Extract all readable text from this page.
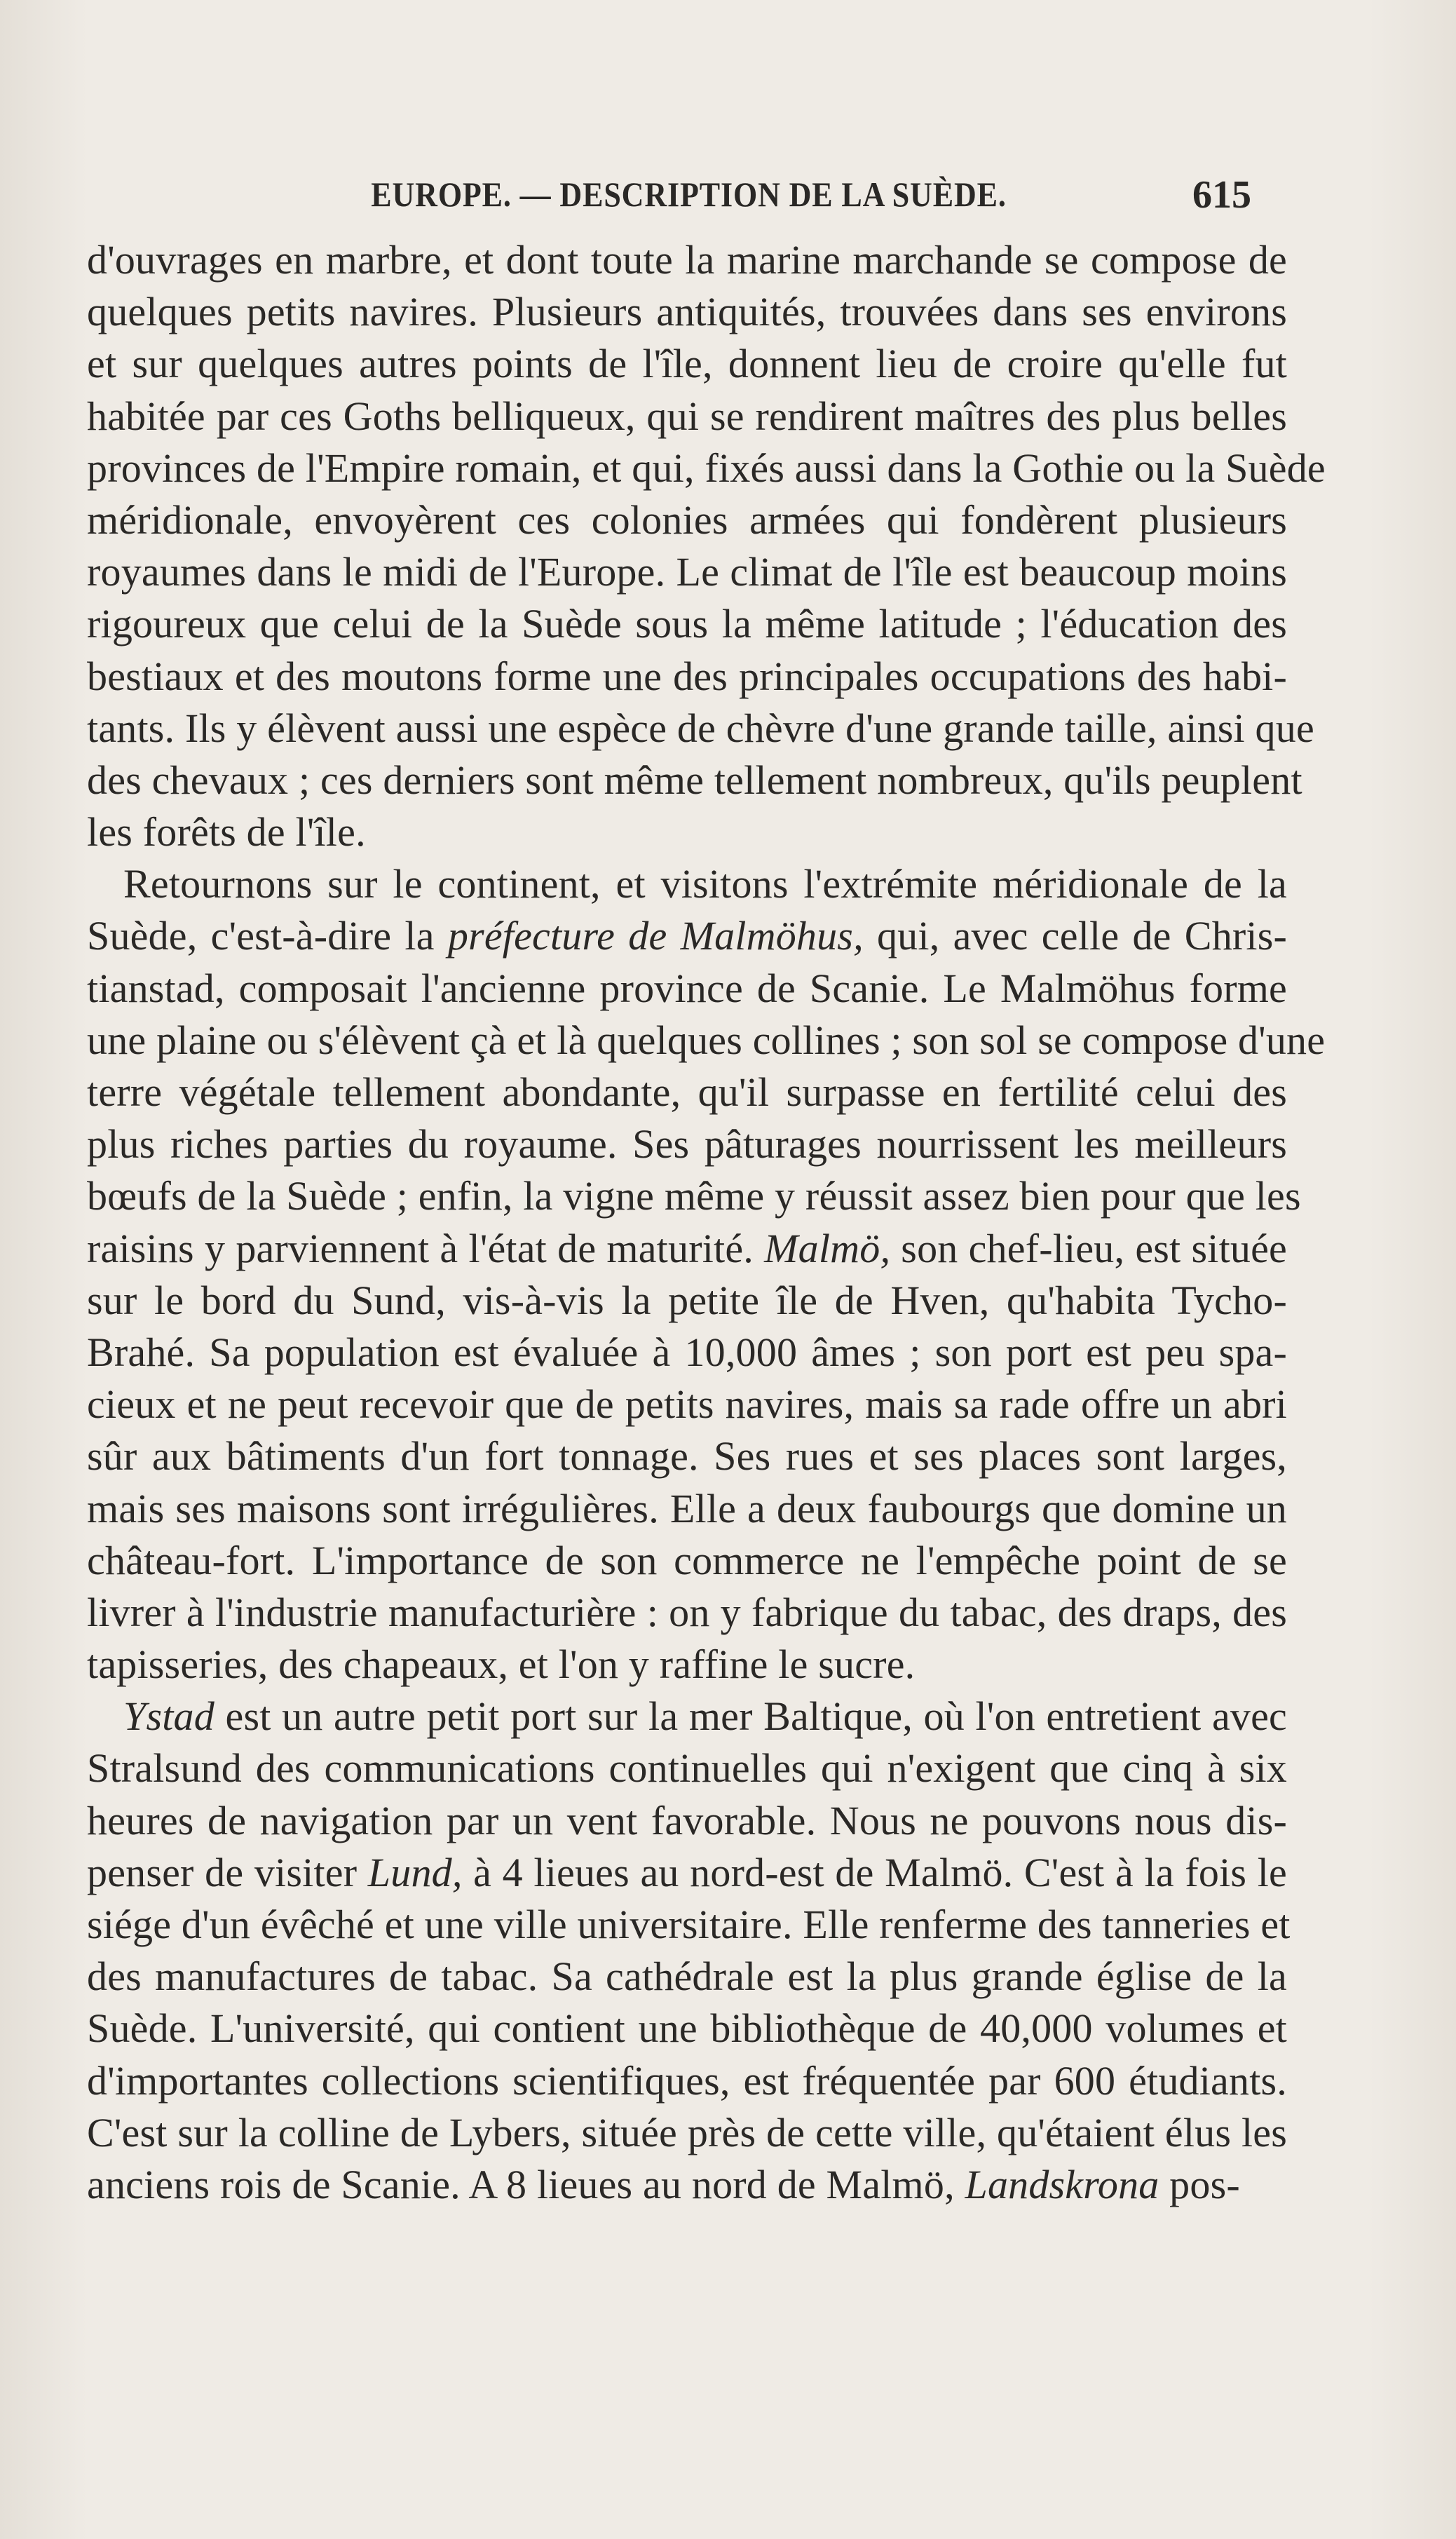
EUROPE. — DESCRIPTION DE LA SUÈDE.	615
d'ouvrages en marbre, et dont toute la marine marchande se compose de
quelques petits navires. Plusieurs antiquités, trouvées dans ses environs
et sur quelques autres points de l'île, donnent lieu de croire qu'elle fut
habitée par ces Goths belliqueux, qui se rendirent maîtres des plus belles
provinces de l'Empire romain, et qui, fixés aussi dans la Gothie ou la Suède
méridionale, envoyèrent ces colonies armées qui fondèrent plusieurs
royaumes dans le midi de l'Europe. Le climat de l'île est beaucoup moins
rigoureux que celui de la Suède sous la même latitude ; l'éducation des
bestiaux et des moutons forme une des principales occupations des habi-
tants. Ils y élèvent aussi une espèce de chèvre d'une grande taille, ainsi que
des chevaux ; ces derniers sont même tellement nombreux, qu'ils peuplent
les forêts de l'île.
Retournons sur le continent, et visitons l'extrémite méridionale de la
Suède, c'est-à-dire la préfecture de Malmöhus, qui, avec celle de Chris-
tianstad, composait l'ancienne province de Scanie. Le Malmöhus forme
une plaine ou s'élèvent çà et là quelques collines ; son sol se compose d'une
terre végétale tellement abondante, qu'il surpasse en fertilité celui des
plus riches parties du royaume. Ses pâturages nourrissent les meilleurs
bœufs de la Suède ; enfin, la vigne même y réussit assez bien pour que les
raisins y parviennent à l'état de maturité. Malmö, son chef-lieu, est située
sur le bord du Sund, vis-à-vis la petite île de Hven, qu'habita Tycho-
Brahé. Sa population est évaluée à 10,000 âmes ; son port est peu spa-
cieux et ne peut recevoir que de petits navires, mais sa rade offre un abri
sûr aux bâtiments d'un fort tonnage. Ses rues et ses places sont larges,
mais ses maisons sont irrégulières. Elle a deux faubourgs que domine un
château-fort. L'importance de son commerce ne l'empêche point de se
livrer à l'industrie manufacturière : on y fabrique du tabac, des draps, des
tapisseries, des chapeaux, et l'on y raffine le sucre.
Ystad est un autre petit port sur la mer Baltique, où l'on entretient avec
Stralsund des communications continuelles qui n'exigent que cinq à six
heures de navigation par un vent favorable. Nous ne pouvons nous dis-
penser de visiter Lund, à 4 lieues au nord-est de Malmö. C'est à la fois le
siége d'un évêché et une ville universitaire. Elle renferme des tanneries et
des manufactures de tabac. Sa cathédrale est la plus grande église de la
Suède. L'université, qui contient une bibliothèque de 40,000 volumes et
d'importantes collections scientifiques, est fréquentée par 600 étudiants.
C'est sur la colline de Lybers, située près de cette ville, qu'étaient élus les
anciens rois de Scanie. A 8 lieues au nord de Malmö, Landskrona pos-
